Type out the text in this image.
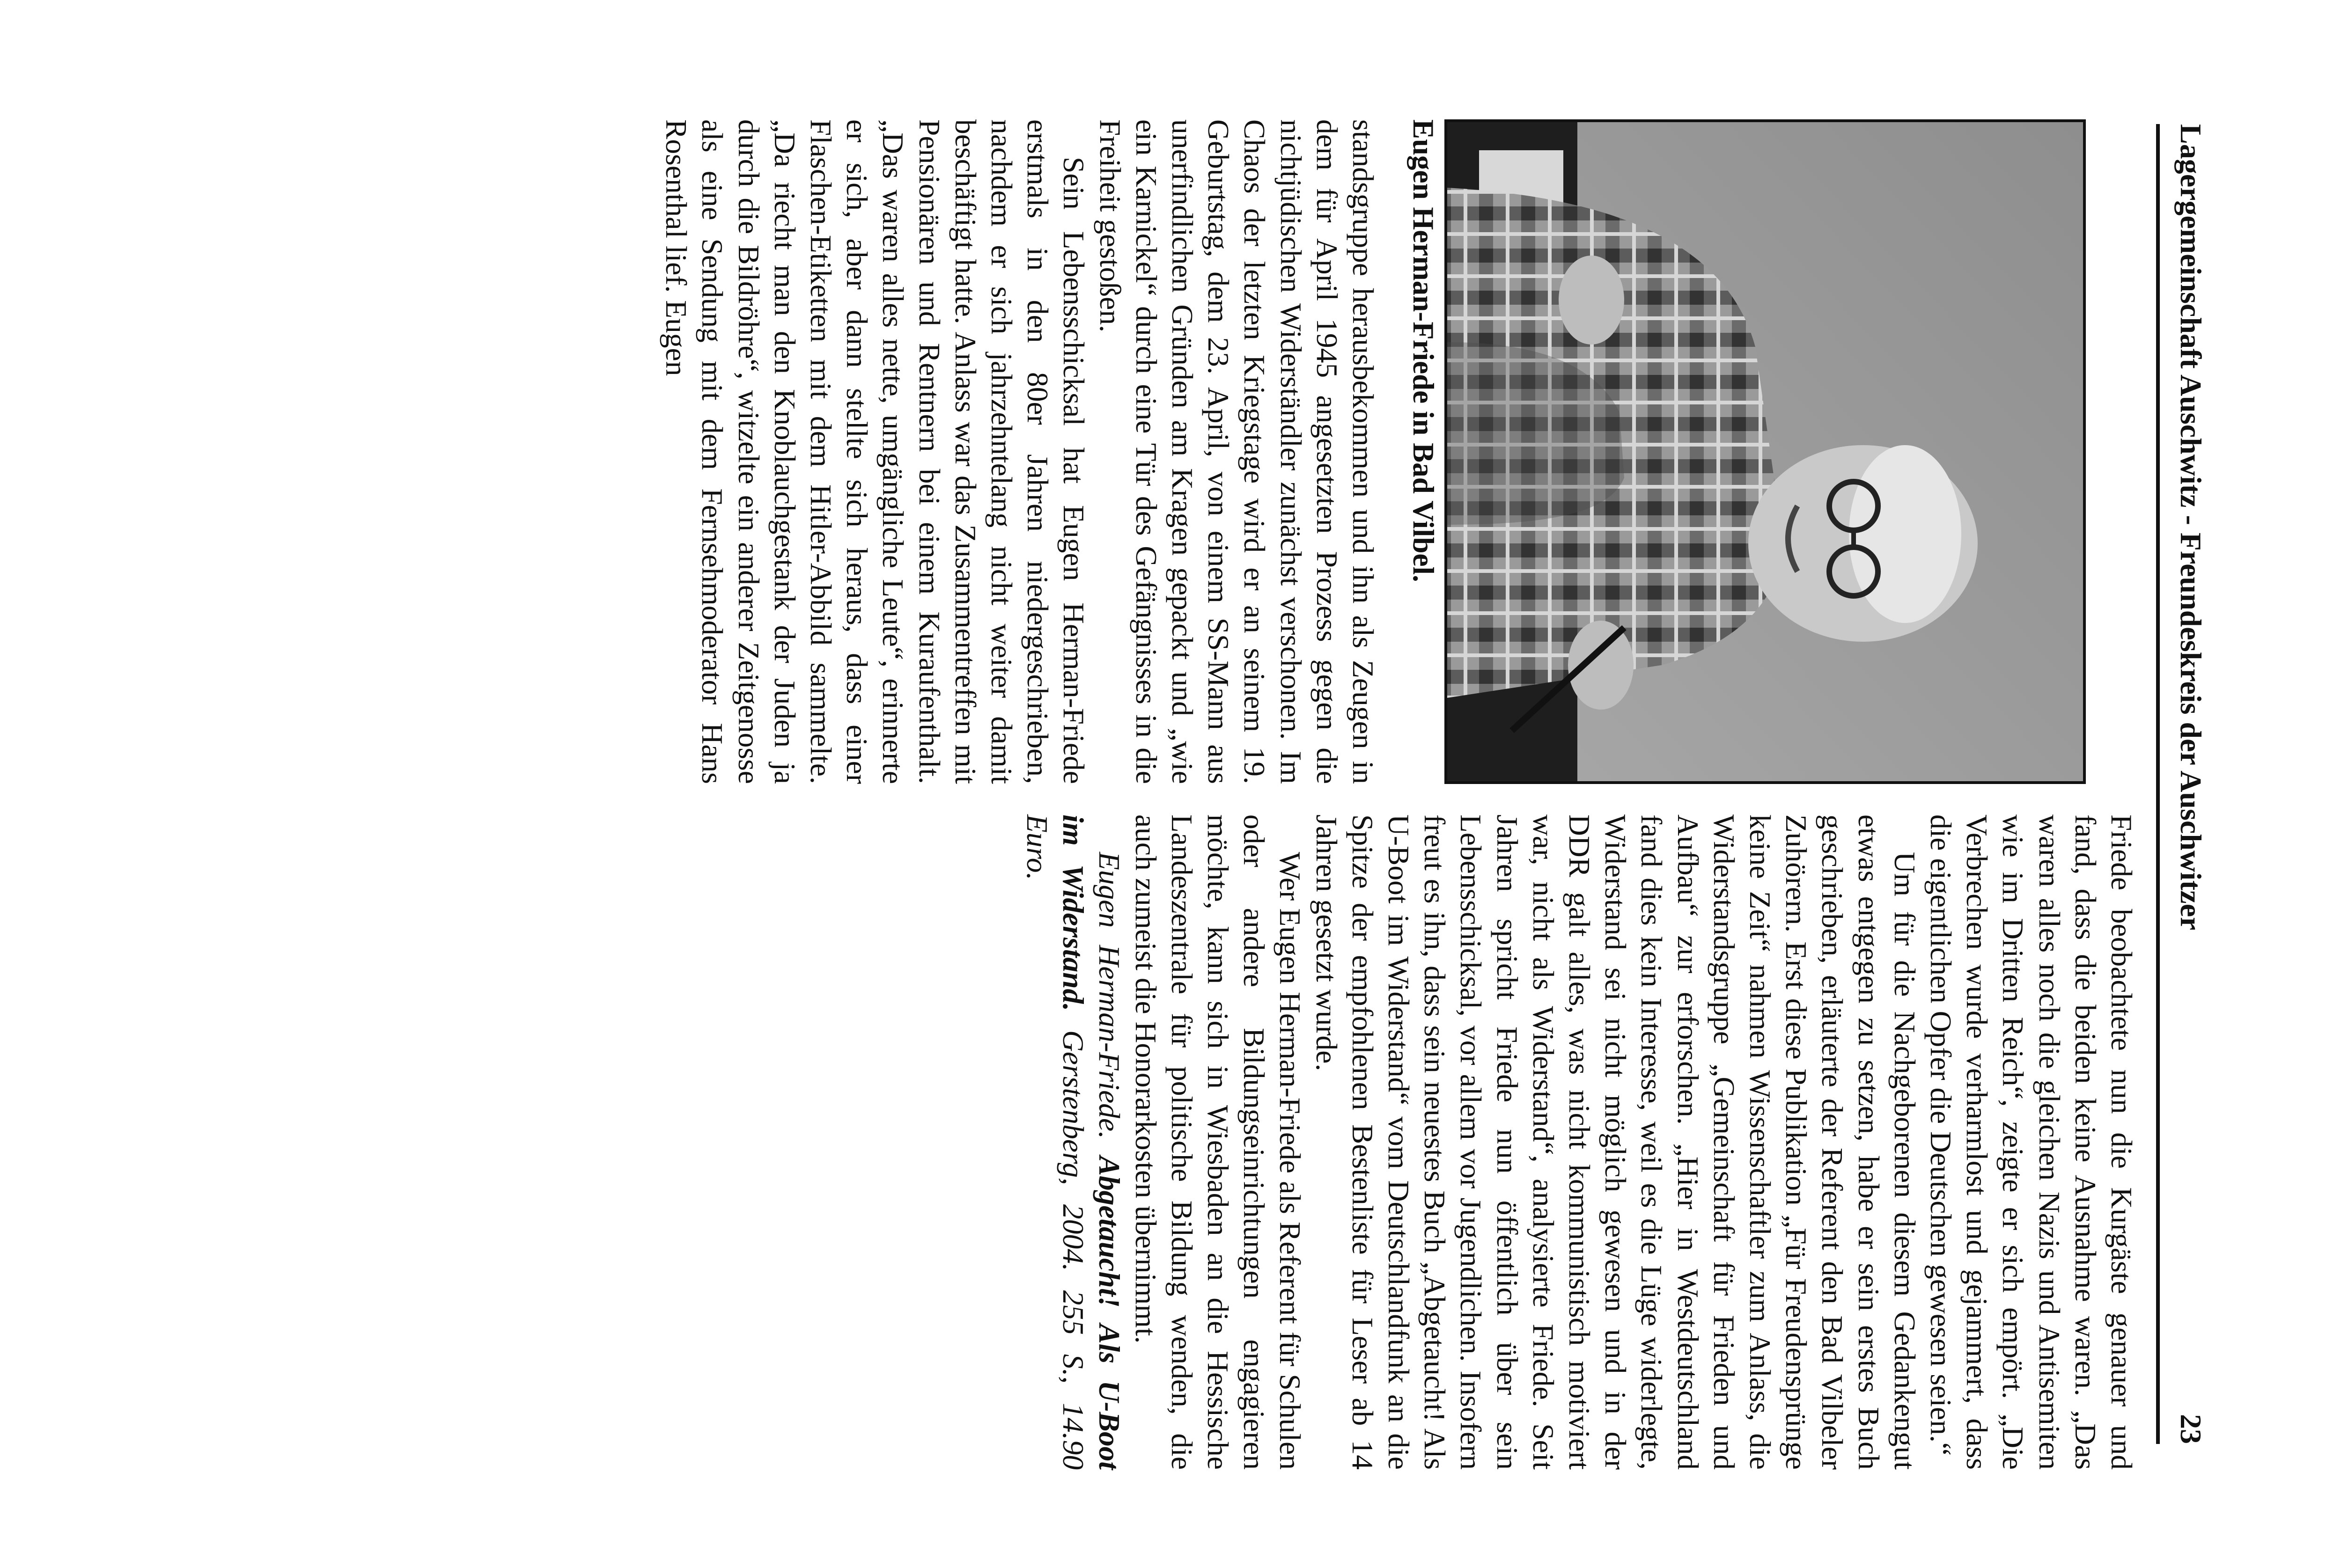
Lagergemeinschaft Auschwitz - Freundeskreis der Auschwitzer
23
Eugen Herman-Friede in Bad Vilbel.

standsgruppe herausbekommen und ihn als Zeugen in dem für April 1945 angesetzten Prozess gegen die nichtjüdischen Widerständler zunächst verschonen. Im Chaos der letzten Kriegstage wird er an seinem 19. Geburtstag, dem 23. April, von einem SS-Mann aus unerfindlichen Gründen am Kragen gepackt und „wie ein Karnickel“ durch eine Tür des Gefängnisses in die Freiheit gestoßen.

Sein Lebensschicksal hat Eugen Herman-Friede erstmals in den 80er Jahren niedergeschrieben, nachdem er sich jahrzehntelang nicht weiter damit beschäftigt hatte. Anlass war das Zusammentreffen mit Pensionären und Rentnern bei einem Kuraufenthalt. „Das waren alles nette, umgängliche Leute“, erinnerte er sich, aber dann stellte sich heraus, dass einer Flaschen-Etiketten mit dem Hitler-Abbild sammelte. „Da riecht man den Knoblauchgestank der Juden ja durch die Bildröhre“, witzelte ein anderer Zeitgenosse als eine Sendung mit dem Fernsehmoderator Hans Rosenthal lief. Eugen

Friede beobachtete nun die Kurgäste genauer und fand, dass die beiden keine Ausnahme waren. „Das waren alles noch die gleichen Nazis und Antisemiten wie im Dritten Reich“, zeigte er sich empört. „Die Verbrechen wurde verharmlost und gejammert, dass die eigentlichen Opfer die Deutschen gewesen seien.“

Um für die Nachgeborenen diesem Gedankengut etwas entgegen zu setzen, habe er sein erstes Buch geschrieben, erläuterte der Referent den Bad Vilbeler Zuhörern. Erst diese Publikation „Für Freudensprünge keine Zeit“ nahmen Wissenschaftler zum Anlass, die Widerstandsgruppe „Gemeinschaft für Frieden und Aufbau“ zur erforschen. „Hier in Westdeutschland fand dies kein Interesse, weil es die Lüge widerlegte, Widerstand sei nicht möglich gewesen und in der DDR galt alles, was nicht kommunistisch motiviert war, nicht als Widerstand“, analysierte Friede. Seit Jahren spricht Friede nun öffentlich über sein Lebensschicksal, vor allem vor Jugendlichen. Insofern freut es ihn, dass sein neuestes Buch „Abgetaucht! Als U-Boot im Widerstand“ vom Deutschlandfunk an die Spitze der empfohlenen Bestenliste für Leser ab 14 Jahren gesetzt wurde.

Wer Eugen Herman-Friede als Referent für Schulen oder andere Bildungseinrichtungen engagieren möchte, kann sich in Wiesbaden an die Hessische Landeszentrale für politische Bildung wenden, die auch zumeist die Honorarkosten übernimmt.

Eugen Herman-Friede. Abgetaucht! Als U-Boot im Widerstand. Gerstenberg, 2004. 255 S., 14.90 Euro.
